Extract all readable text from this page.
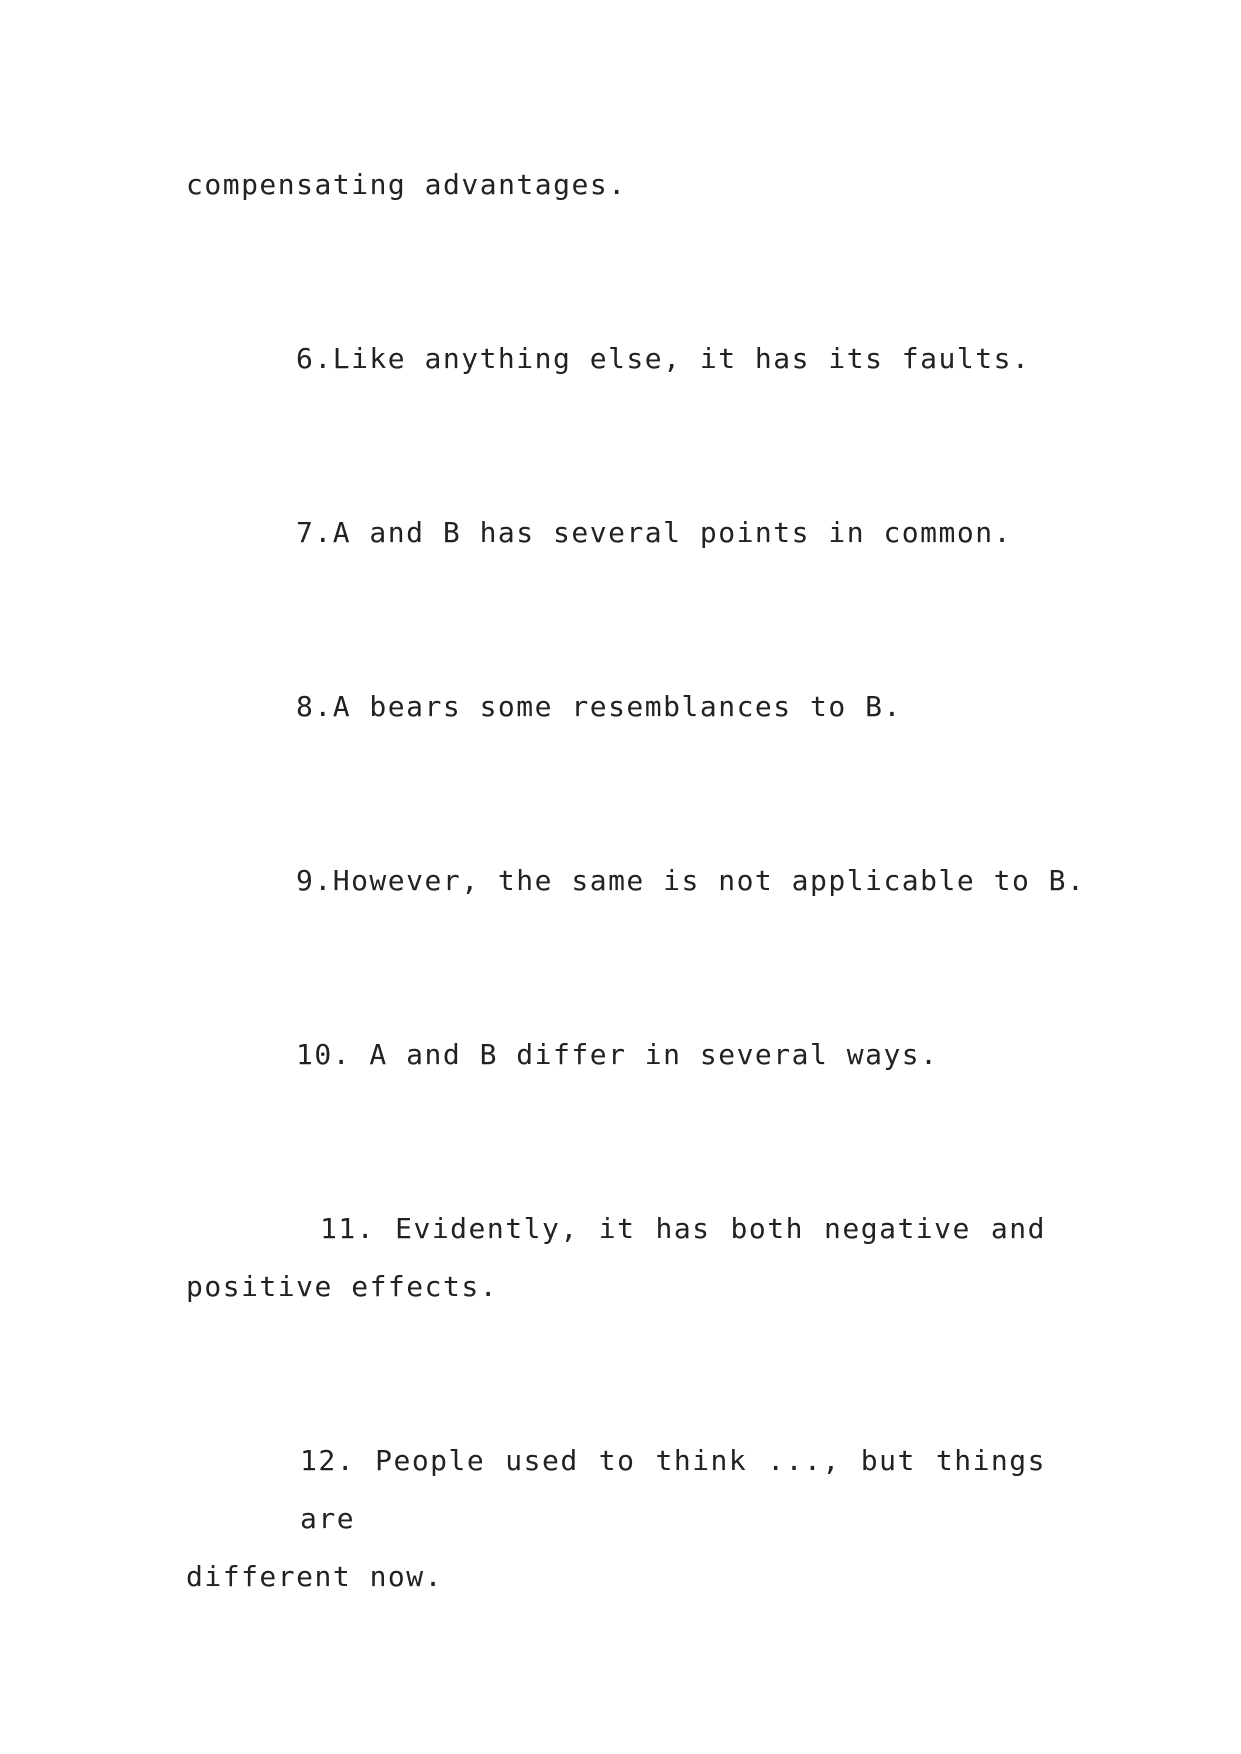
compensating advantages.

6.Like anything else, it has its faults.

7.A and B has several points in common.

8.A bears some resemblances to B.

9.However, the same is not applicable to B.

10. A and B differ in several ways.

11. Evidently, it has both negative and
positive effects.
12. People used to think ..., but things are
different now.
